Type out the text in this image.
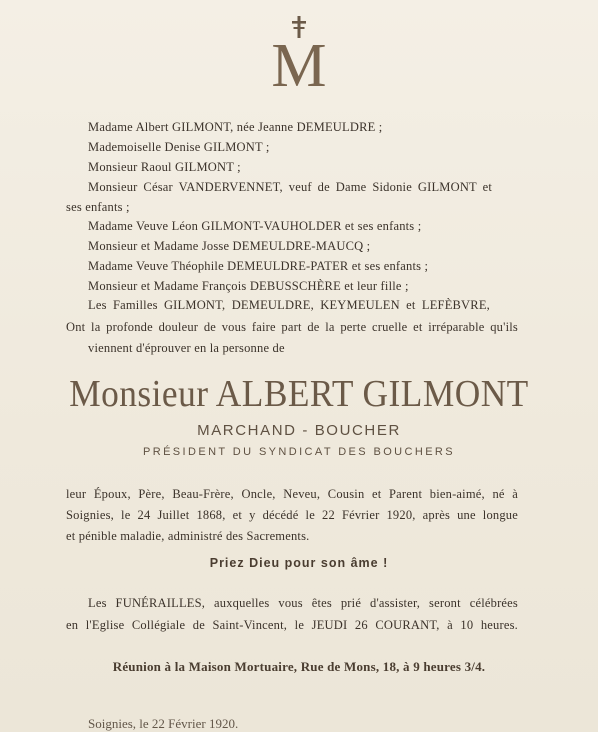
M
Madame Albert GILMONT, née Jeanne DEMEULDRE ;
Mademoiselle Denise GILMONT ;
Monsieur Raoul GILMONT ;
Monsieur César VANDERVENNET, veuf de Dame Sidonie GILMONT et
ses enfants ;
Madame Veuve Léon GILMONT-VAUHOLDER et ses enfants ;
Monsieur et Madame Josse DEMEULDRE-MAUCQ ;
Madame Veuve Théophile DEMEULDRE-PATER et ses enfants ;
Monsieur et Madame François DEBUSSCHÈRE et leur fille ;
Les Familles GILMONT, DEMEULDRE, KEYMEULEN et LEFÈBVRE,
Ont la profonde douleur de vous faire part de la perte cruelle et irréparable qu'ils
viennent d'éprouver en la personne de
Monsieur ALBERT GILMONT
MARCHAND - BOUCHER
PRÉSIDENT DU SYNDICAT DES BOUCHERS
leur Époux, Père, Beau-Frère, Oncle, Neveu, Cousin et Parent bien-aimé, né à
Soignies, le 24 Juillet 1868, et y décédé le 22 Février 1920, après une longue
et pénible maladie, administré des Sacrements.
Priez Dieu pour son âme !
Les FUNÉRAILLES, auxquelles vous êtes prié d'assister, seront célébrées
en l'Eglise Collégiale de Saint-Vincent, le JEUDI 26 COURANT, à 10 heures.
Réunion à la Maison Mortuaire, Rue de Mons, 18, à 9 heures 3/4.
Soignies, le 22 Février 1920.
